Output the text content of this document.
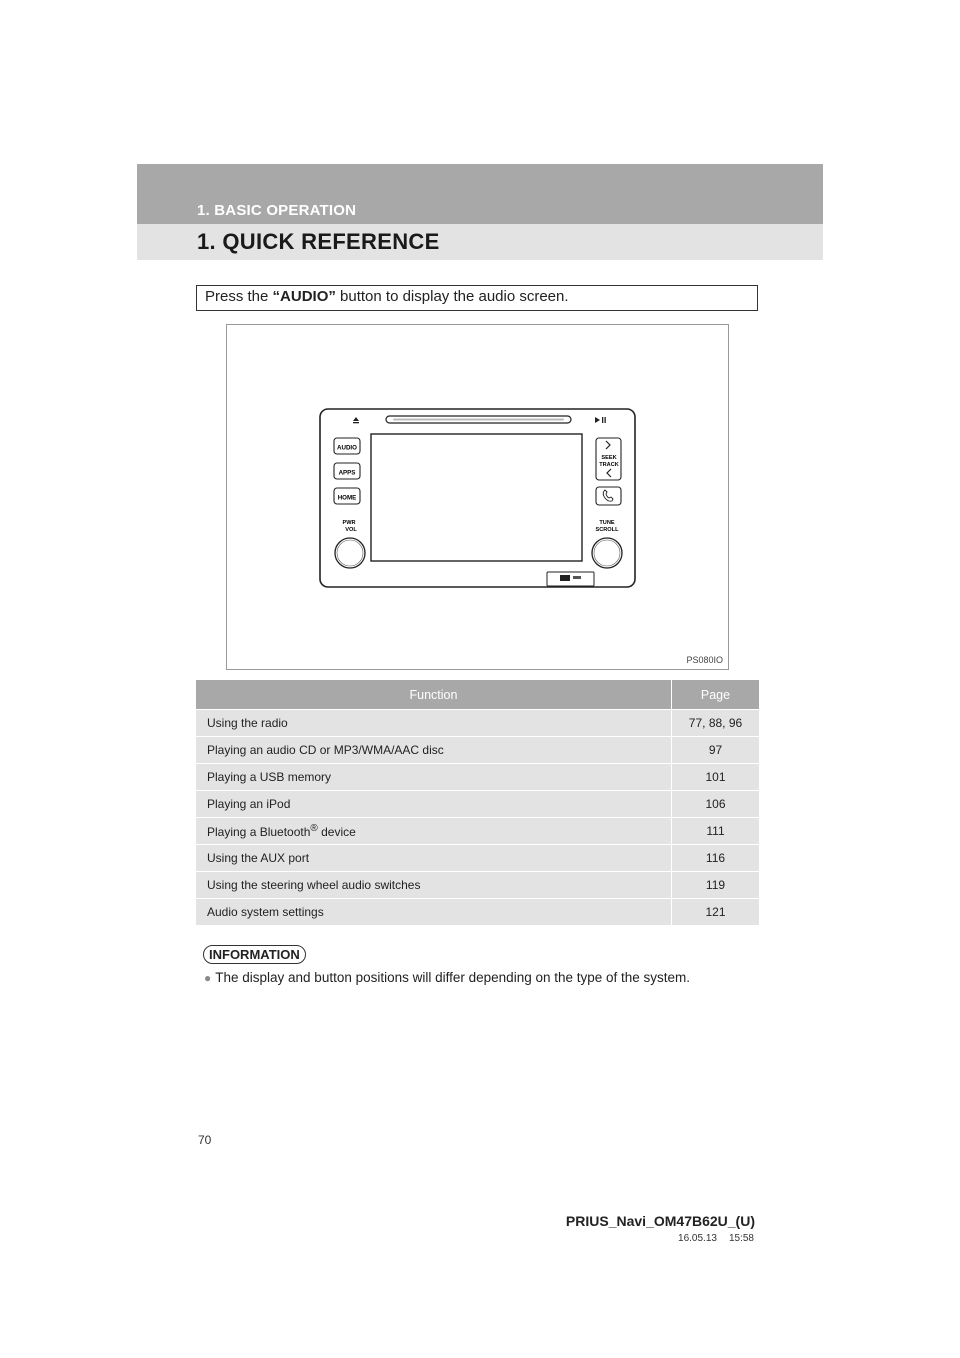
1. BASIC OPERATION
1. QUICK REFERENCE
Press the “AUDIO” button to display the audio screen.
AUDIO
APPS
HOME
PWR
VOL
SEEK
TRACK
TUNE
SCROLL
PS080IO
Function	Page
Using the radio	77, 88, 96
Playing an audio CD or MP3/WMA/AAC disc	97
Playing a USB memory	101
Playing an iPod	106
Playing a Bluetooth® device	111
Using the AUX port	116
Using the steering wheel audio switches	119
Audio system settings	121
INFORMATION
● The display and button positions will differ depending on the type of the system.
70
PRIUS_Navi_OM47B62U_(U)
16.05.13 15:58
